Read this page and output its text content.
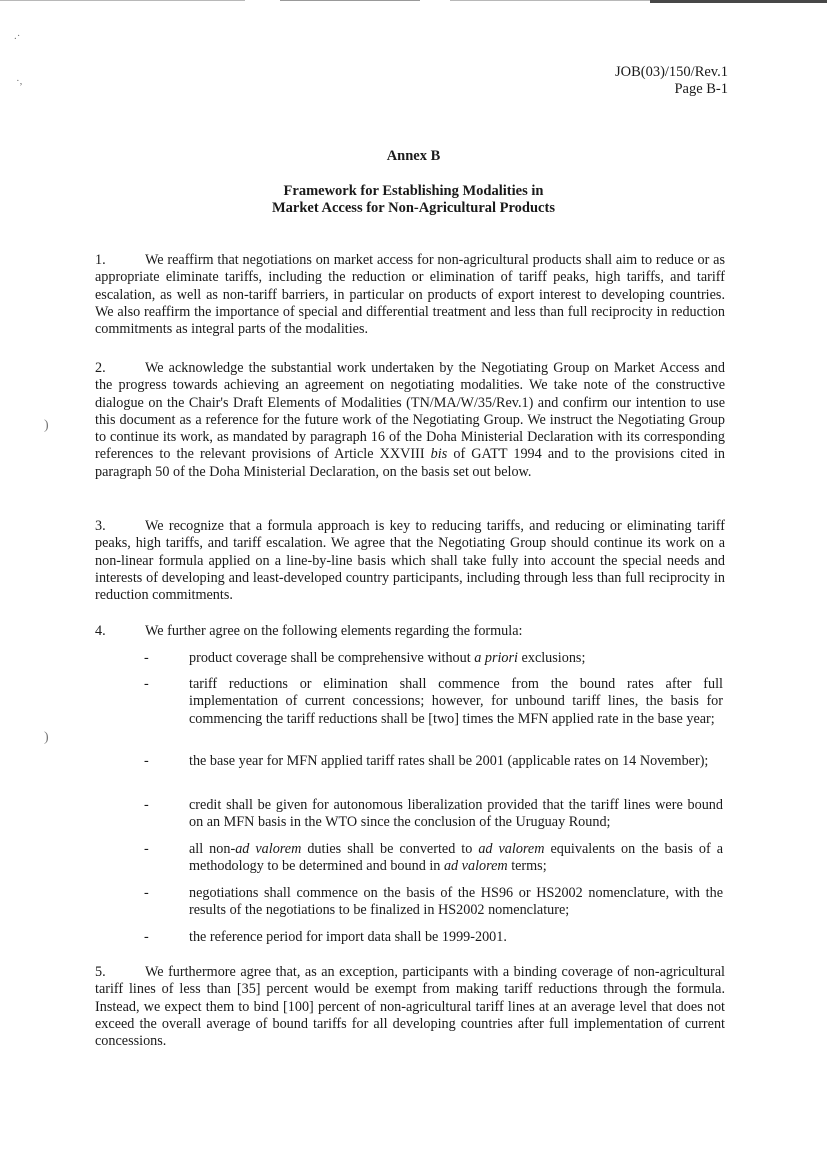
.·
·,
)
)
JOB(03)/150/Rev.1
Page B-1
Annex B
Framework for Establishing Modalities in
Market Access for Non-Agricultural Products
1.	We reaffirm that negotiations on market access for non-agricultural products shall aim to reduce or as appropriate eliminate tariffs, including the reduction or elimination of tariff peaks, high tariffs, and tariff escalation, as well as non-tariff barriers, in particular on products of export interest to developing countries. We also reaffirm the importance of special and differential treatment and less than full reciprocity in reduction commitments as integral parts of the modalities.
2.	We acknowledge the substantial work undertaken by the Negotiating Group on Market Access and the progress towards achieving an agreement on negotiating modalities. We take note of the constructive dialogue on the Chair's Draft Elements of Modalities (TN/MA/W/35/Rev.1) and confirm our intention to use this document as a reference for the future work of the Negotiating Group. We instruct the Negotiating Group to continue its work, as mandated by paragraph 16 of the Doha Ministerial Declaration with its corresponding references to the relevant provisions of Article XXVIII bis of GATT 1994 and to the provisions cited in paragraph 50 of the Doha Ministerial Declaration, on the basis set out below.
3.	We recognize that a formula approach is key to reducing tariffs, and reducing or eliminating tariff peaks, high tariffs, and tariff escalation. We agree that the Negotiating Group should continue its work on a non-linear formula applied on a line-by-line basis which shall take fully into account the special needs and interests of developing and least-developed country participants, including through less than full reciprocity in reduction commitments.
4.	We further agree on the following elements regarding the formula:
-	product coverage shall be comprehensive without a priori exclusions;
-	tariff reductions or elimination shall commence from the bound rates after full implementation of current concessions; however, for unbound tariff lines, the basis for commencing the tariff reductions shall be [two] times the MFN applied rate in the base year;
-	the base year for MFN applied tariff rates shall be 2001 (applicable rates on 14 November);
-	credit shall be given for autonomous liberalization provided that the tariff lines were bound on an MFN basis in the WTO since the conclusion of the Uruguay Round;
-	all non-ad valorem duties shall be converted to ad valorem equivalents on the basis of a methodology to be determined and bound in ad valorem terms;
-	negotiations shall commence on the basis of the HS96 or HS2002 nomenclature, with the results of the negotiations to be finalized in HS2002 nomenclature;
-	the reference period for import data shall be 1999-2001.
5.	We furthermore agree that, as an exception, participants with a binding coverage of non-agricultural tariff lines of less than [35] percent would be exempt from making tariff reductions through the formula. Instead, we expect them to bind [100] percent of non-agricultural tariff lines at an average level that does not exceed the overall average of bound tariffs for all developing countries after full implementation of current concessions.
